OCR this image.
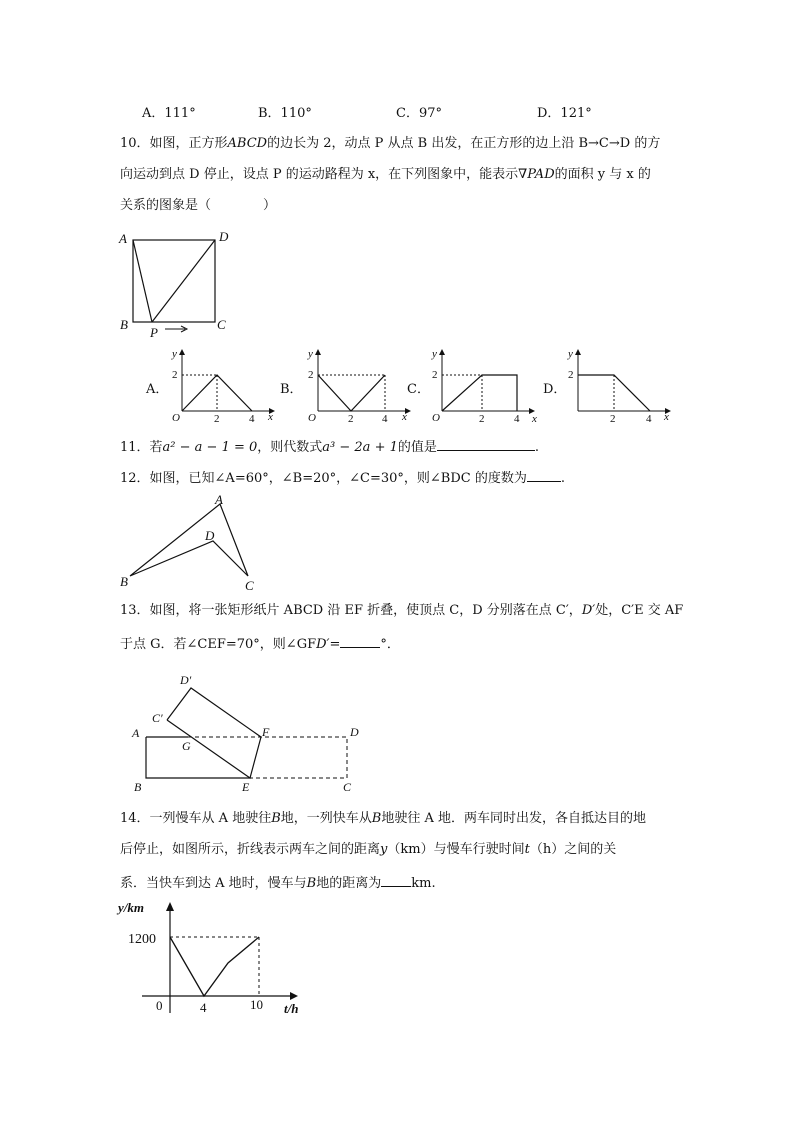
A．111°	B．110°	C．97°	D．121°
10．如图，正方形ABCD的边长为 2，动点 P 从点 B 出发，在正方形的边上沿 B→C→D 的方
向运动到点 D 停止，设点 P 的运动路程为 x，在下列图象中，能表示∇PAD的面积 y 与 x 的
关系的图象是（　　　　）
A	D
B	C
P
A．
y
2
O	2	4 x
B．
y
2
O	2	4 x
C．
y
2
O	2	4 x
D．
y
2
2	4 x
11．若a² − a − 1 = 0，则代数式a³ − 2a + 1的值是	.
12．如图，已知∠A=60°，∠B=20°，∠C=30°，则∠BDC 的度数为	.
A
B	C
D
13．如图，将一张矩形纸片 ABCD 沿 EF 折叠，使顶点 C，D 分别落在点 C′，D′处，C′E 交 AF
于点 G．若∠CEF=70°，则∠GFD′=	°．
A
B	C
D
E
F
G
C′
D′
14．一列慢车从 A 地驶往B地，一列快车从B地驶往 A 地．两车同时出发，各自抵达目的地
后停止，如图所示，折线表示两车之间的距离y（km）与慢车行驶时间t（h）之间的关
系．当快车到达 A 地时，慢车与B地的距离为 km.
y/km
1200
0	4	10 t/h
